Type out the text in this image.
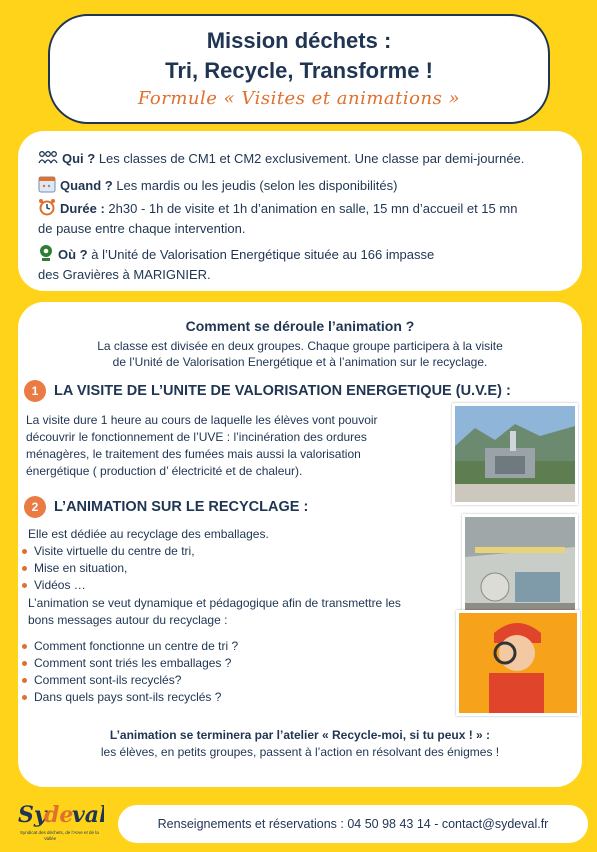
Mission déchets :
Tri, Recycle, Transforme !
Formule « Visites et animations »
Qui ? Les classes de CM1 et CM2 exclusivement. Une classe par demi-journée.
Quand ? Les mardis ou les jeudis (selon les disponibilités)
Durée : 2h30 - 1h de visite et 1h d’animation en salle, 15 mn d’accueil et 15 mn
de pause entre chaque intervention.
Où ? à l’Unité de Valorisation Energétique située au 166 impasse
des Gravières à MARIGNIER.
Comment se déroule l’animation ?
La classe est divisée en deux groupes. Chaque groupe participera à la visite
de l’Unité de Valorisation Energétique et à l’animation sur le recyclage.
1 LA VISITE DE L’UNITE DE VALORISATION ENERGETIQUE (U.V.E) :
La visite dure 1 heure au cours de laquelle les élèves vont pouvoir
découvrir le fonctionnement de l’UVE : l’incinération des ordures
ménagères, le traitement des fumées mais aussi la valorisation
énergétique ( production d’ électricité et de chaleur).
2 L’ANIMATION SUR LE RECYCLAGE :
Elle est dédiée au recyclage des emballages.
Visite virtuelle du centre de tri,
Mise en situation,
Vidéos …
L’animation se veut dynamique et pédagogique afin de transmettre les
bons messages autour du recyclage :
Comment fonctionne un centre de tri ?
Comment sont triés les emballages ?
Comment sont-ils recyclés?
Dans quels pays sont-ils recyclés ?
L’animation se terminera par l’atelier « Recycle-moi, si tu peux ! » :
les élèves, en petits groupes, passent à l’action en résolvant des énigmes !
Sy
de
val
Syndicat des déchets, de l’Arve et de la
Vallée
Renseignements et réservations : 04 50 98 43 14 - contact@sydeval.fr
